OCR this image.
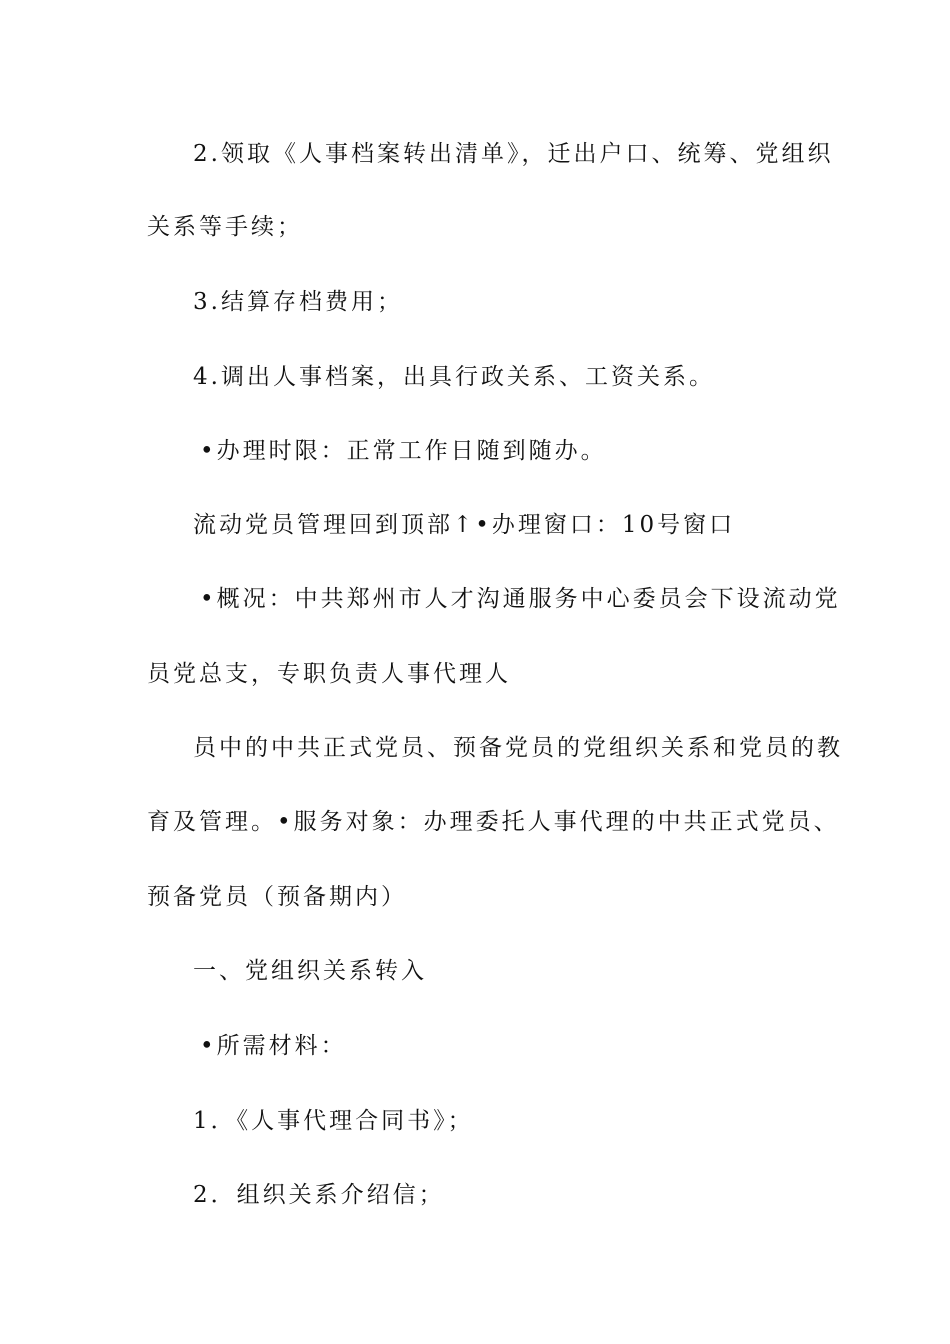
2.领取《人事档案转出清单》，迁出户口、统筹、党组织
关系等手续；
3.结算存档费用；
4.调出人事档案，出具行政关系、工资关系。
•办理时限：正常工作日随到随办。
流动党员管理回到顶部↑•办理窗口：10号窗口
•概况：中共郑州市人才沟通服务中心委员会下设流动党
员党总支，专职负责人事代理人
员中的中共正式党员、预备党员的党组织关系和党员的教
育及管理。•服务对象：办理委托人事代理的中共正式党员、
预备党员（预备期内）
一、党组织关系转入
•所需材料：
1．《人事代理合同书》；
2．组织关系介绍信；
